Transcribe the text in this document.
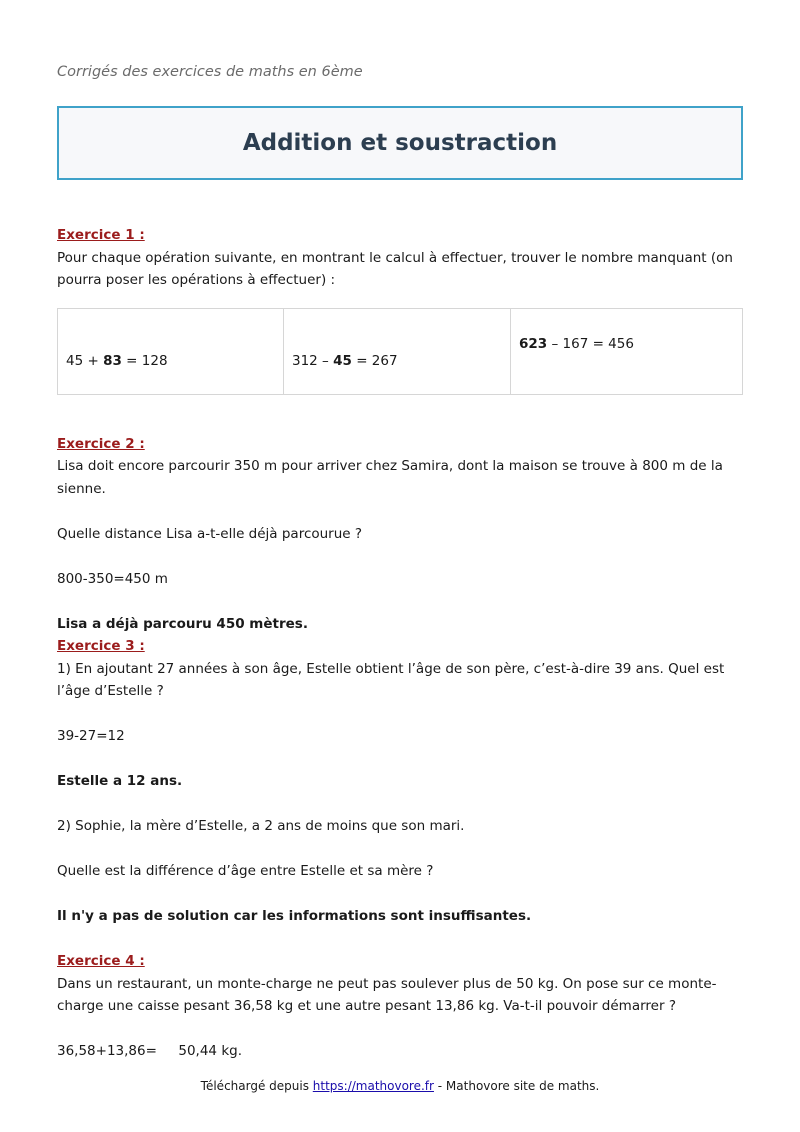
Corrigés des exercices de maths en 6ème
Addition et soustraction

Exercice 1 :

Pour chaque opération suivante, en montrant le calcul à effectuer, trouver le nombre manquant (on pourra poser les opérations à effectuer) :

45 + 83 = 128	312 – 45 = 267	623 – 167 = 456

Exercice 2 :

Lisa doit encore parcourir 350 m pour arriver chez Samira, dont la maison se trouve à 800 m de la sienne.

Quelle distance Lisa a-t-elle déjà parcourue ?

800-350=450 m

Lisa a déjà parcouru 450 mètres.

Exercice 3 :

1) En ajoutant 27 années à son âge, Estelle obtient l’âge de son père, c’est-à-dire 39 ans. Quel est l’âge d’Estelle ?

39-27=12

Estelle a 12 ans.

2) Sophie, la mère d’Estelle, a 2 ans de moins que son mari.

Quelle est la différence d’âge entre Estelle et sa mère ?

Il n'y a pas de solution car les informations sont insuffisantes.

Exercice 4 :

Dans un restaurant, un monte-charge ne peut pas soulever plus de 50 kg. On pose sur ce monte-charge une caisse pesant 36,58 kg et une autre pesant 13,86 kg. Va-t-il pouvoir démarrer ?

36,58+13,86=     50,44 kg.

Téléchargé depuis https://mathovore.fr - Mathovore site de maths.
